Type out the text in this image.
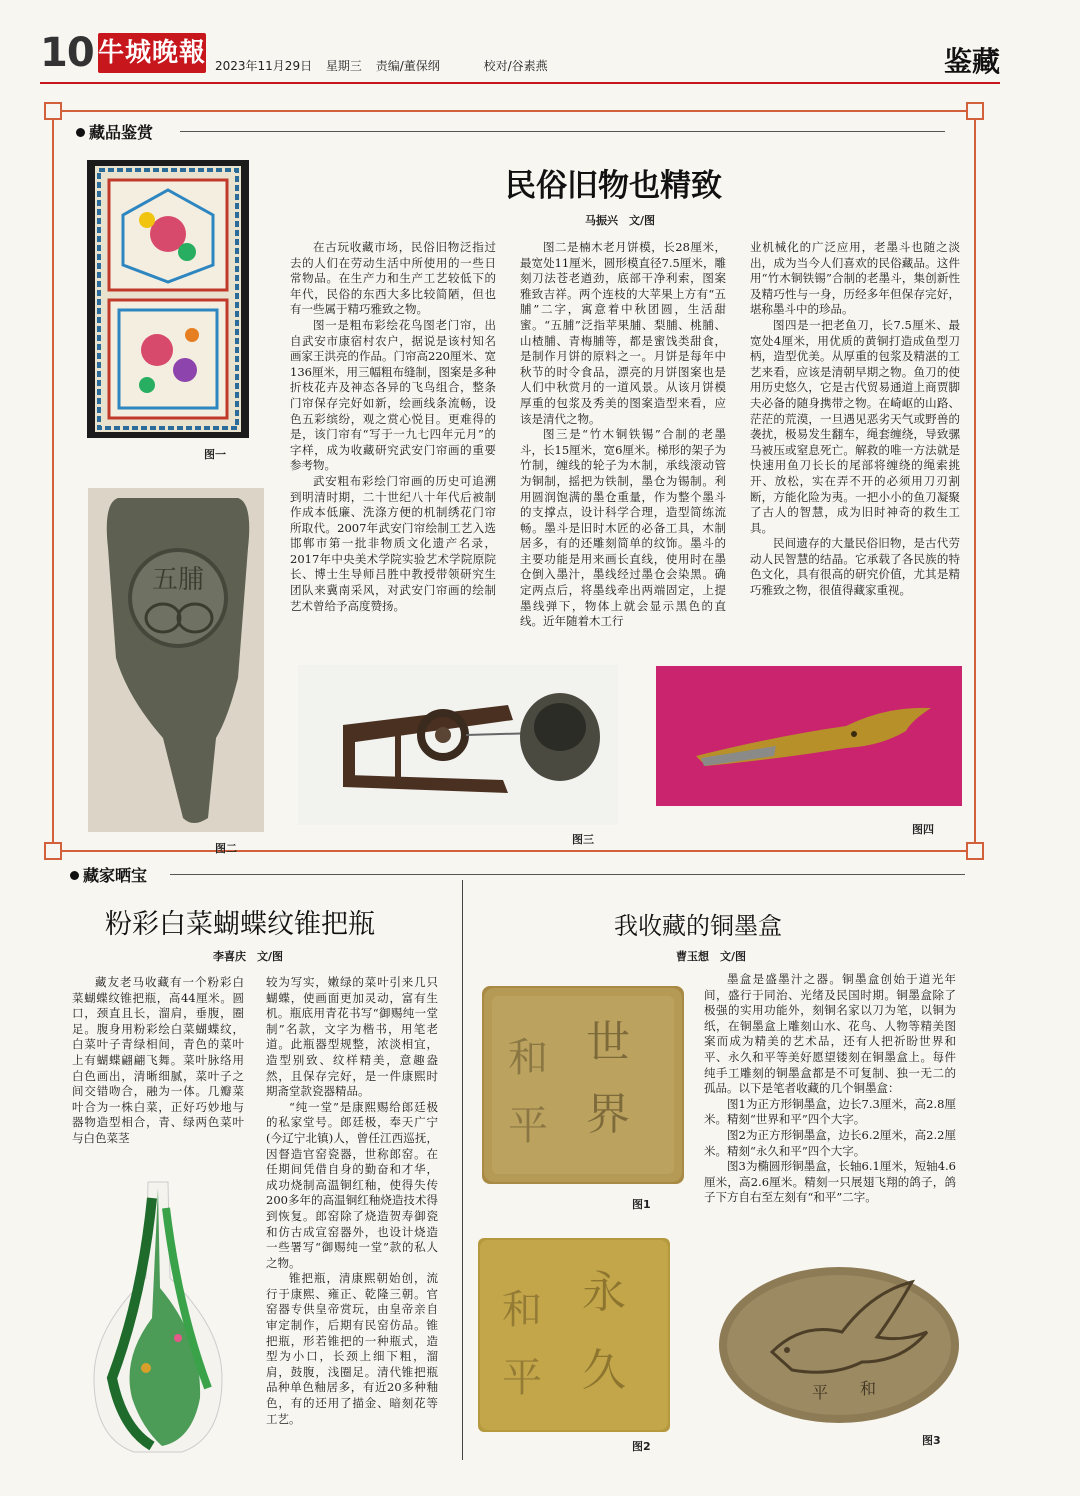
10 牛城晚報 2023年11月29日 星期三 责编/董保纲	校对/谷素燕	鉴藏
藏品鉴赏
图一
五脯
图二
民俗旧物也精致
马振兴　文/图

在古玩收藏市场，民俗旧物泛指过去的人们在劳动生活中所使用的一些日常物品。在生产力和生产工艺较低下的年代，民俗的东西大多比较简陋，但也有一些属于精巧雅致之物。

图一是粗布彩绘花鸟图老门帘，出自武安市康宿村农户，据说是该村知名画家王洪亮的作品。门帘高220厘米、宽136厘米，用三幅粗布缝制，图案是多种折枝花卉及神态各异的飞鸟组合，整条门帘保存完好如新，绘画线条流畅，设色五彩缤纷，观之赏心悦目。更难得的是，该门帘有“写于一九七四年元月”的字样，成为收藏研究武安门帘画的重要参考物。

武安粗布彩绘门帘画的历史可追溯到明清时期，二十世纪八十年代后被制作成本低廉、洗涤方便的机制绣花门帘所取代。2007年武安门帘绘制工艺入选邯郸市第一批非物质文化遗产名录，2017年中央美术学院实验艺术学院原院长、博士生导师吕胜中教授带领研究生团队来冀南采风，对武安门帘画的绘制艺术曾给予高度赞扬。

图二是楠木老月饼模，长28厘米，最宽处11厘米，圆形模直径7.5厘米，雕刻刀法苍老遒劲，底部干净利索，图案雅致吉祥。两个连枝的大苹果上方有“五脯”二字，寓意着中秋团圆，生活甜蜜。“五脯”泛指苹果脯、梨脯、桃脯、山楂脯、青梅脯等，都是蜜饯类甜食，是制作月饼的原料之一。月饼是每年中秋节的时令食品，漂亮的月饼图案也是人们中秋赏月的一道风景。从该月饼模厚重的包浆及秀美的图案造型来看，应该是清代之物。

图三是“竹木铜铁锡”合制的老墨斗，长15厘米，宽6厘米。梯形的架子为竹制，缠线的轮子为木制，承线滚动管为铜制，摇把为铁制，墨仓为锡制。利用圆润饱满的墨仓重量，作为整个墨斗的支撑点，设计科学合理，造型简练流畅。墨斗是旧时木匠的必备工具，木制居多，有的还雕刻简单的纹饰。墨斗的主要功能是用来画长直线，使用时在墨仓倒入墨汁，墨线经过墨仓会染黑。确定两点后，将墨线牵出两端固定，上提墨线弹下，物体上就会显示黑色的直线。近年随着木工行

业机械化的广泛应用，老墨斗也随之淡出，成为当今人们喜欢的民俗藏品。这件用“竹木铜铁锡”合制的老墨斗，集创新性及精巧性与一身，历经多年但保存完好，堪称墨斗中的珍品。

图四是一把老鱼刀，长7.5厘米、最宽处4厘米，用优质的黄铜打造成鱼型刀柄，造型优美。从厚重的包浆及精湛的工艺来看，应该是清朝早期之物。鱼刀的使用历史悠久，它是古代贸易通道上商贾脚夫必备的随身携带之物。在崎岖的山路、茫茫的荒漠，一旦遇见恶劣天气或野兽的袭扰，极易发生翻车，绳套缠绕，导致骡马被压或窒息死亡。解救的唯一方法就是快速用鱼刀长长的尾部将缠绕的绳索挑开、放松，实在弄不开的必须用刀刃割断，方能化险为夷。一把小小的鱼刀凝聚了古人的智慧，成为旧时神奇的救生工具。

民间遗存的大量民俗旧物，是古代劳动人民智慧的结晶。它承载了各民族的特色文化，具有很高的研究价值，尤其是精巧雅致之物，很值得藏家重视。

图三
图四
藏家晒宝
粉彩白菜蝴蝶纹锥把瓶
李喜庆　文/图

藏友老马收藏有一个粉彩白菜蝴蝶纹锥把瓶，高44厘米。圆口，颈直且长，溜肩，垂腹，圈足。腹身用粉彩绘白菜蝴蝶纹，白菜叶子青绿相间，青色的菜叶上有蝴蝶翩翩飞舞。菜叶脉络用白色画出，清晰细腻，菜叶子之间交错吻合，融为一体。几瓣菜叶合为一株白菜，正好巧妙地与器物造型相合，青、绿两色菜叶与白色菜茎

较为写实，嫩绿的菜叶引来几只蝴蝶，使画面更加灵动，富有生机。瓶底用青花书写“御赐纯一堂制”名款，文字为楷书，用笔老道。此瓶器型规整，浓淡相宜，造型别致、纹样精美，意趣盎然，且保存完好，是一件康熙时期斋堂款瓷器精品。

“纯一堂”是康熙赐给郎廷极的私家堂号。郎廷极，奉天广宁(今辽宁北镇)人，曾任江西巡抚，因督造官窑瓷器，世称郎窑。在任期间凭借自身的勤奋和才华，成功烧制高温铜红釉，使得失传200多年的高温铜红釉烧造技术得到恢复。郎窑除了烧造贺寿御瓷和仿古成宣窑器外，也设计烧造一些署写“御赐纯一堂”款的私人之物。

锥把瓶，清康熙朝始创，流行于康熙、雍正、乾隆三朝。官窑器专供皇帝赏玩，由皇帝亲自审定制作，后期有民窑仿品。锥把瓶，形若锥把的一种瓶式，造型为小口，长颈上细下粗，溜肩，鼓腹，浅圈足。清代锥把瓶品种单色釉居多，有近20多种釉色，有的还用了描金、暗刻花等工艺。

我收藏的铜墨盒
曹玉想　文/图

墨盒是盛墨汁之器。铜墨盒创始于道光年间，盛行于同治、光绪及民国时期。铜墨盒除了极强的实用功能外，刻铜名家以刀为笔，以铜为纸，在铜墨盒上雕刻山水、花鸟、人物等精美图案而成为精美的艺术品，还有人把祈盼世界和平、永久和平等美好愿望镂刻在铜墨盒上。每件纯手工雕刻的铜墨盒都是不可复制、独一无二的孤品。以下是笔者收藏的几个铜墨盒：

图1为正方形铜墨盒，边长7.3厘米，高2.8厘米。精刻“世界和平”四个大字。

图2为正方形铜墨盒，边长6.2厘米，高2.2厘米。精刻“永久和平”四个大字。

图3为椭圆形铜墨盒，长轴6.1厘米，短轴4.6厘米，高2.6厘米。精刻一只展翅飞翔的鸽子，鸽子下方自右至左刻有“和平”二字。

世
界
和
平
图1
永
久
和
平
图2
和
平
图3
